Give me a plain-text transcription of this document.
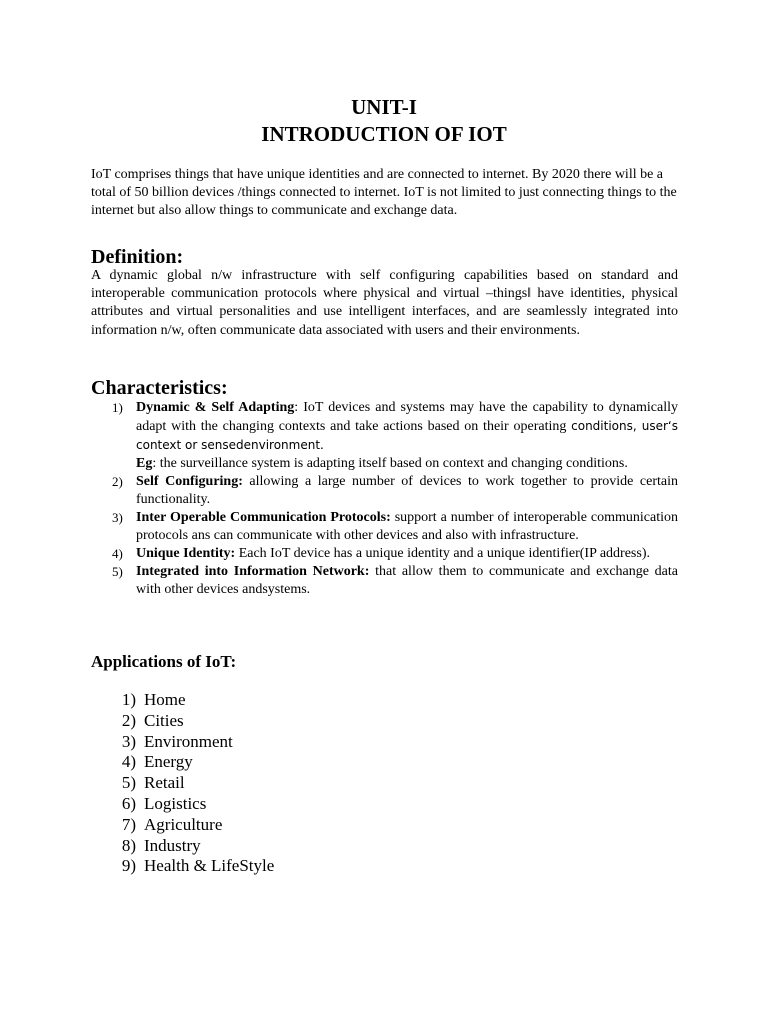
UNIT-I
INTRODUCTION OF IOT

IoT comprises things that have unique identities and are connected to internet. By 2020 there will be a total of 50 billion devices /things connected to internet. IoT is not limited to just connecting things to the internet but also allow things to communicate and exchange data.

Definition:

A dynamic global n/w infrastructure with self configuring capabilities based on standard and interoperable communication protocols where physical and virtual –things‖ have identities, physical attributes and virtual personalities and use intelligent interfaces, and are seamlessly integrated into information n/w, often communicate data associated with users and their environments.

Characteristics:
1) Dynamic & Self Adapting: IoT devices and systems may have the capability to dynamically adapt with the changing contexts and take actions based on their operating conditions, user‘s context or sensedenvironment.
Eg: the surveillance system is adapting itself based on context and changing conditions.
2) Self Configuring: allowing a large number of devices to work together to provide certain functionality.
3) Inter Operable Communication Protocols: support a number of interoperable communication protocols ans can communicate with other devices and also with infrastructure.
4) Unique Identity: Each IoT device has a unique identity and a unique identifier(IP address).
5) Integrated into Information Network: that allow them to communicate and exchange data with other devices andsystems.
Applications of IoT:
1) Home
2) Cities
3) Environment
4) Energy
5) Retail
6) Logistics
7) Agriculture
8) Industry
9) Health & LifeStyle
